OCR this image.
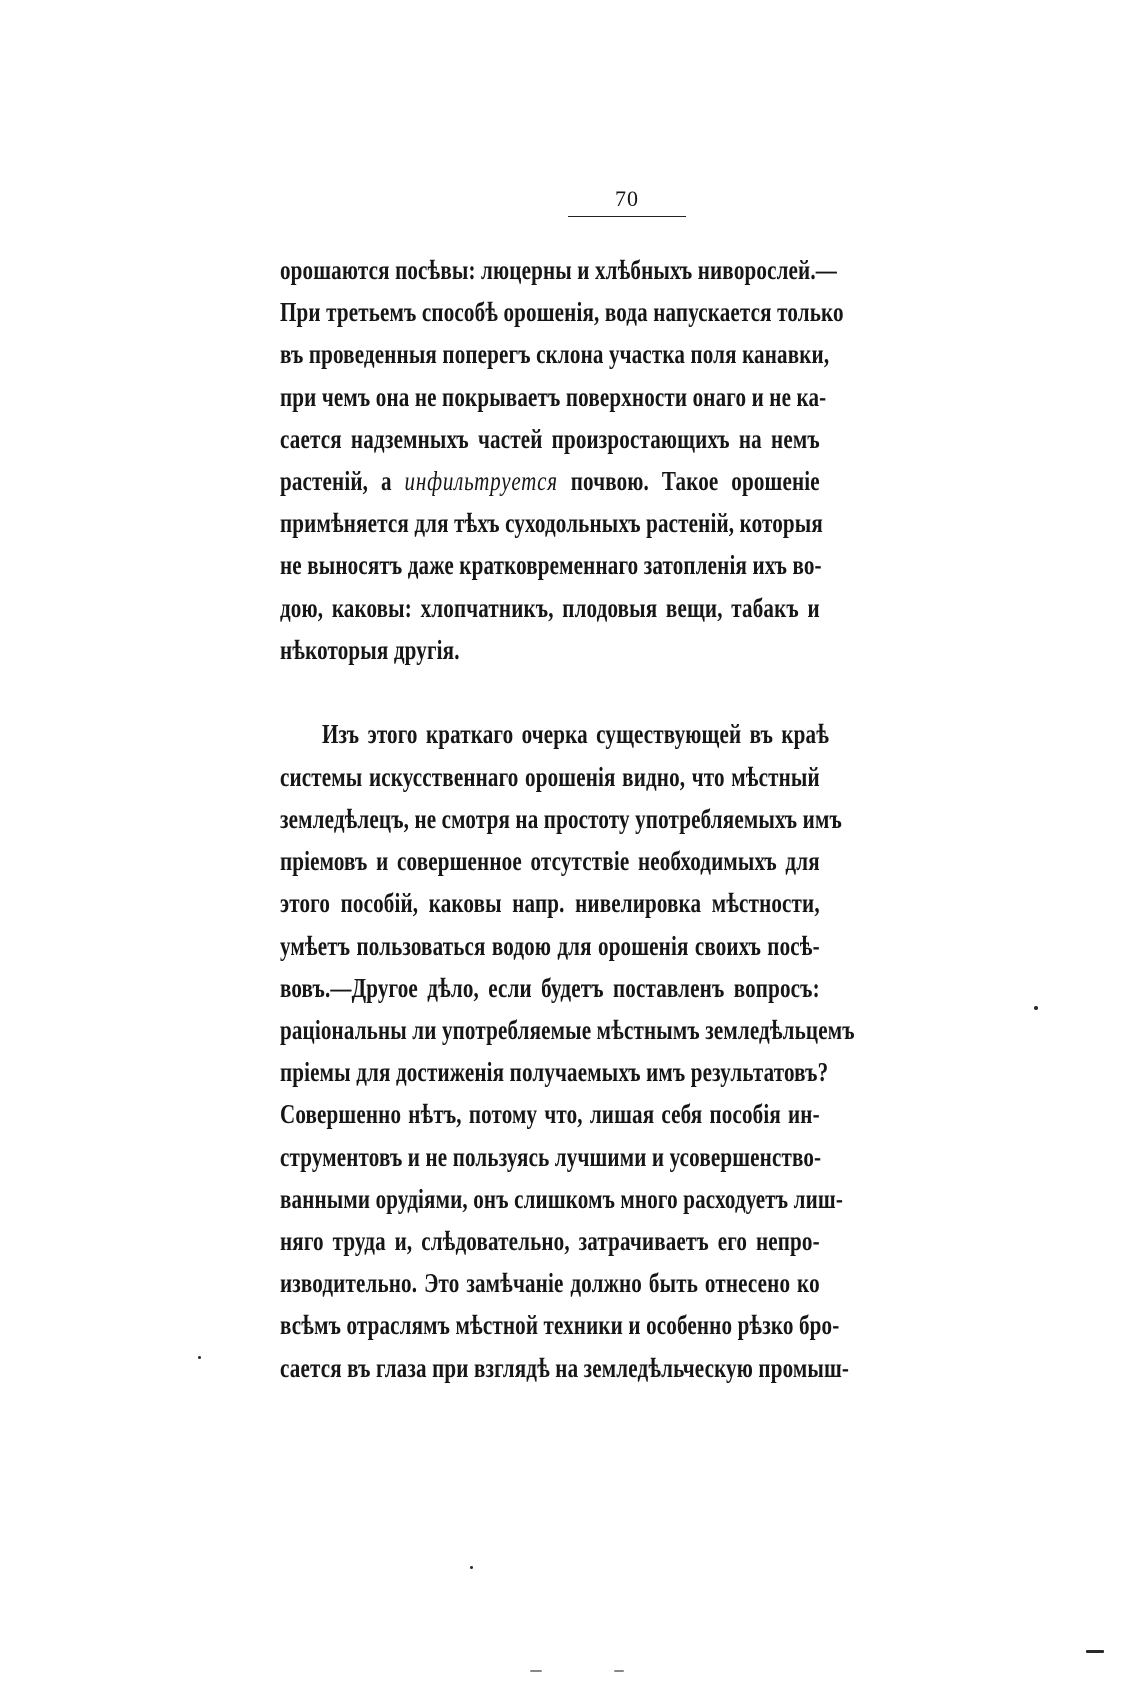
70
орошаются посѣвы: люцерны и хлѣбныхъ нивopocлeй.—
При третьемъ способѣ орошенія, вода напускается только
въ проведенныя поперегъ склона участка поля канавки,
при чемъ она не покрываетъ поверхности онаго и не ка-
сается надземныхъ частей произростающихъ на немъ
растеній, а инфильтруется почвою. Такое орошеніе
примѣняется для тѣхъ суходольныхъ растеній, которыя
не выносятъ даже кратковременнаго затопленія ихъ во-
дою, каковы: хлопчатникъ, плодовыя вещи, табакъ и
нѣкоторыя другія.
Изъ этого краткаго очерка существующей въ краѣ
системы искусственнаго орошенія видно, что мѣстный
земледѣлецъ, не смотря на простоту употребляемыхъ имъ
пріемовъ и совершенное отсутствіе необходимыхъ для
этого пособій, каковы напр. нивелировка мѣстности,
умѣетъ пользоваться водою для орошенія своихъ посѣ-
вовъ.—Другое дѣло, если будетъ поставленъ вопросъ:
раціональны ли употребляемые мѣстнымъ земледѣльцемъ
пріемы для достиженія получаемыхъ имъ результатовъ?
Совершенно нѣтъ, потому что, лишая себя пособія ин-
струментовъ и не пользуясь лучшими и усовершенство-
ванными орудіями, онъ слишкомъ много расходуетъ лиш-
няго труда и, слѣдовательно, затрачиваетъ его непро-
изводительно. Это замѣчаніе должно быть отнесено ко
всѣмъ отраслямъ мѣстной техники и особенно рѣзко бро-
сается въ глаза при взглядѣ на земледѣльческую промыш-
